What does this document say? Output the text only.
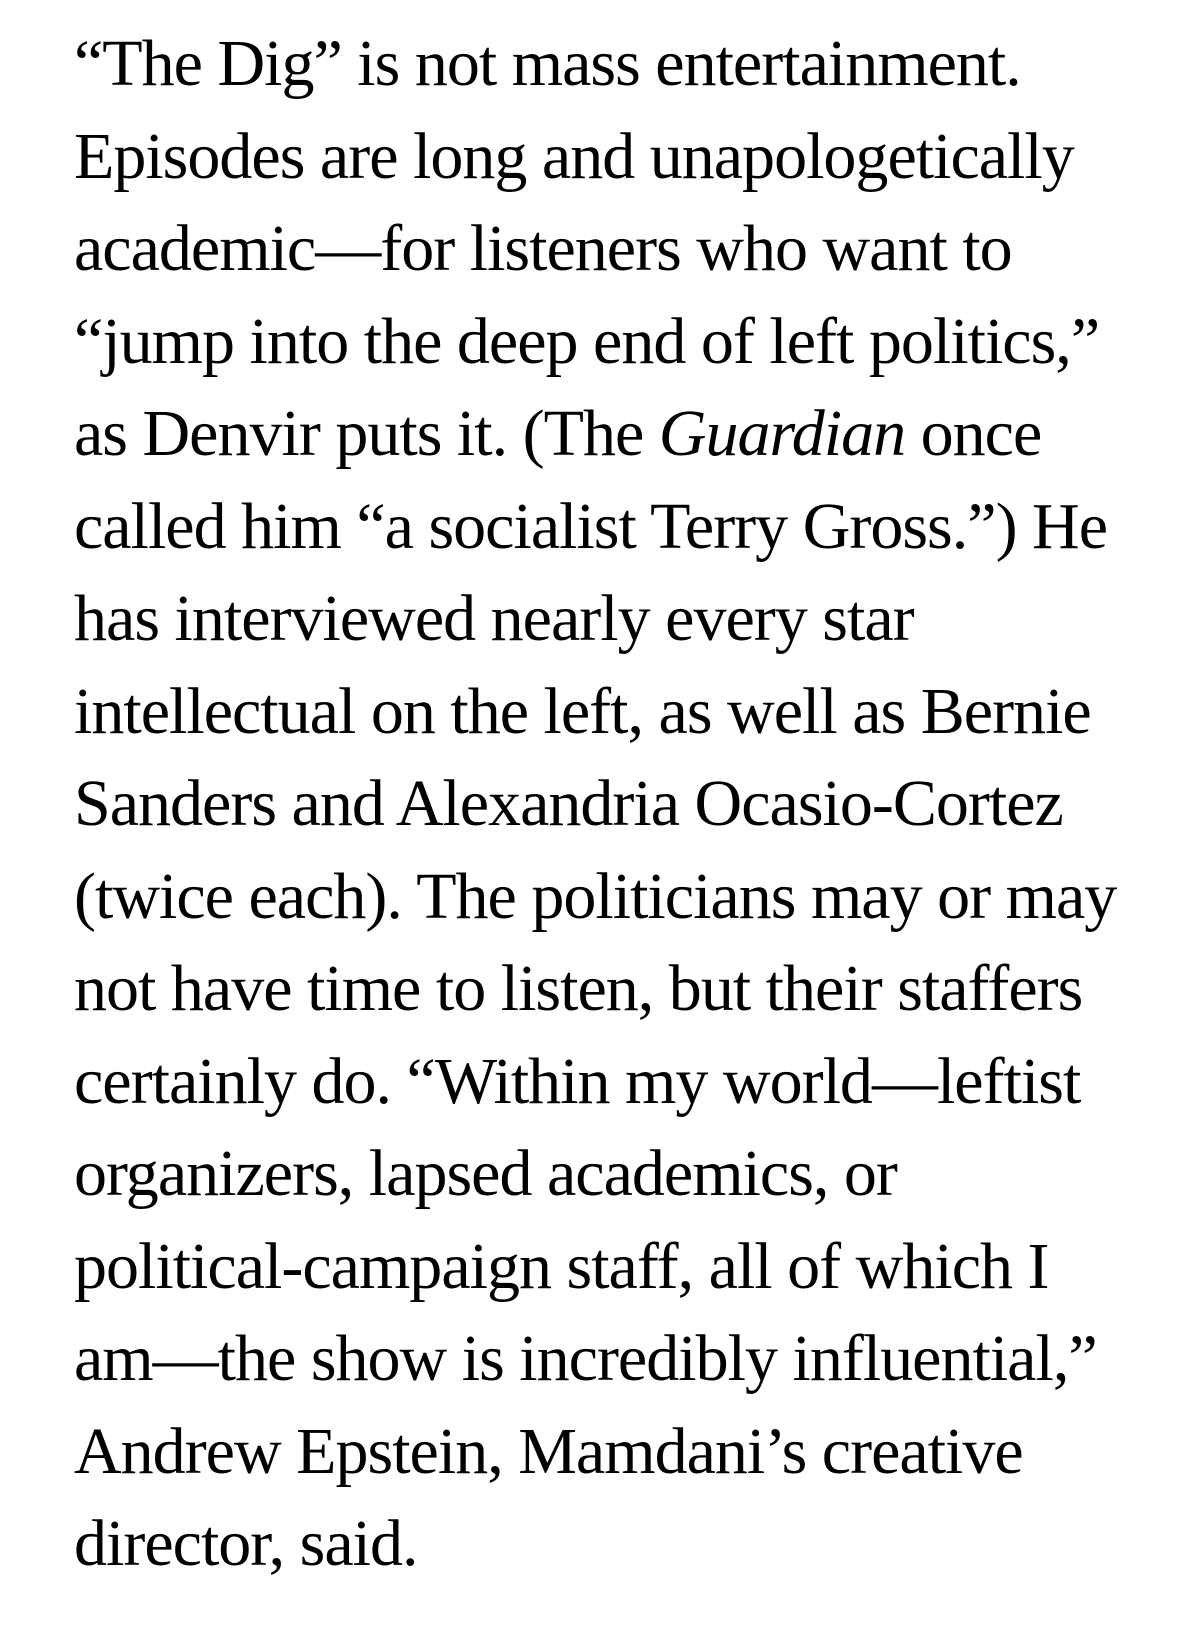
“The Dig” is not mass entertainment.

Episodes are long and unapologetically

academic—for listeners who want to

“jump into the deep end of left politics,”

as Denvir puts it. (The Guardian once

called him “a socialist Terry Gross.”) He

has interviewed nearly every star

intellectual on the left, as well as Bernie

Sanders and Alexandria Ocasio-Cortez

(twice each). The politicians may or may

not have time to listen, but their staffers

certainly do. “Within my world—leftist

organizers, lapsed academics, or

political-campaign staff, all of which I

am—the show is incredibly influential,”

Andrew Epstein, Mamdani’s creative

director, said.
